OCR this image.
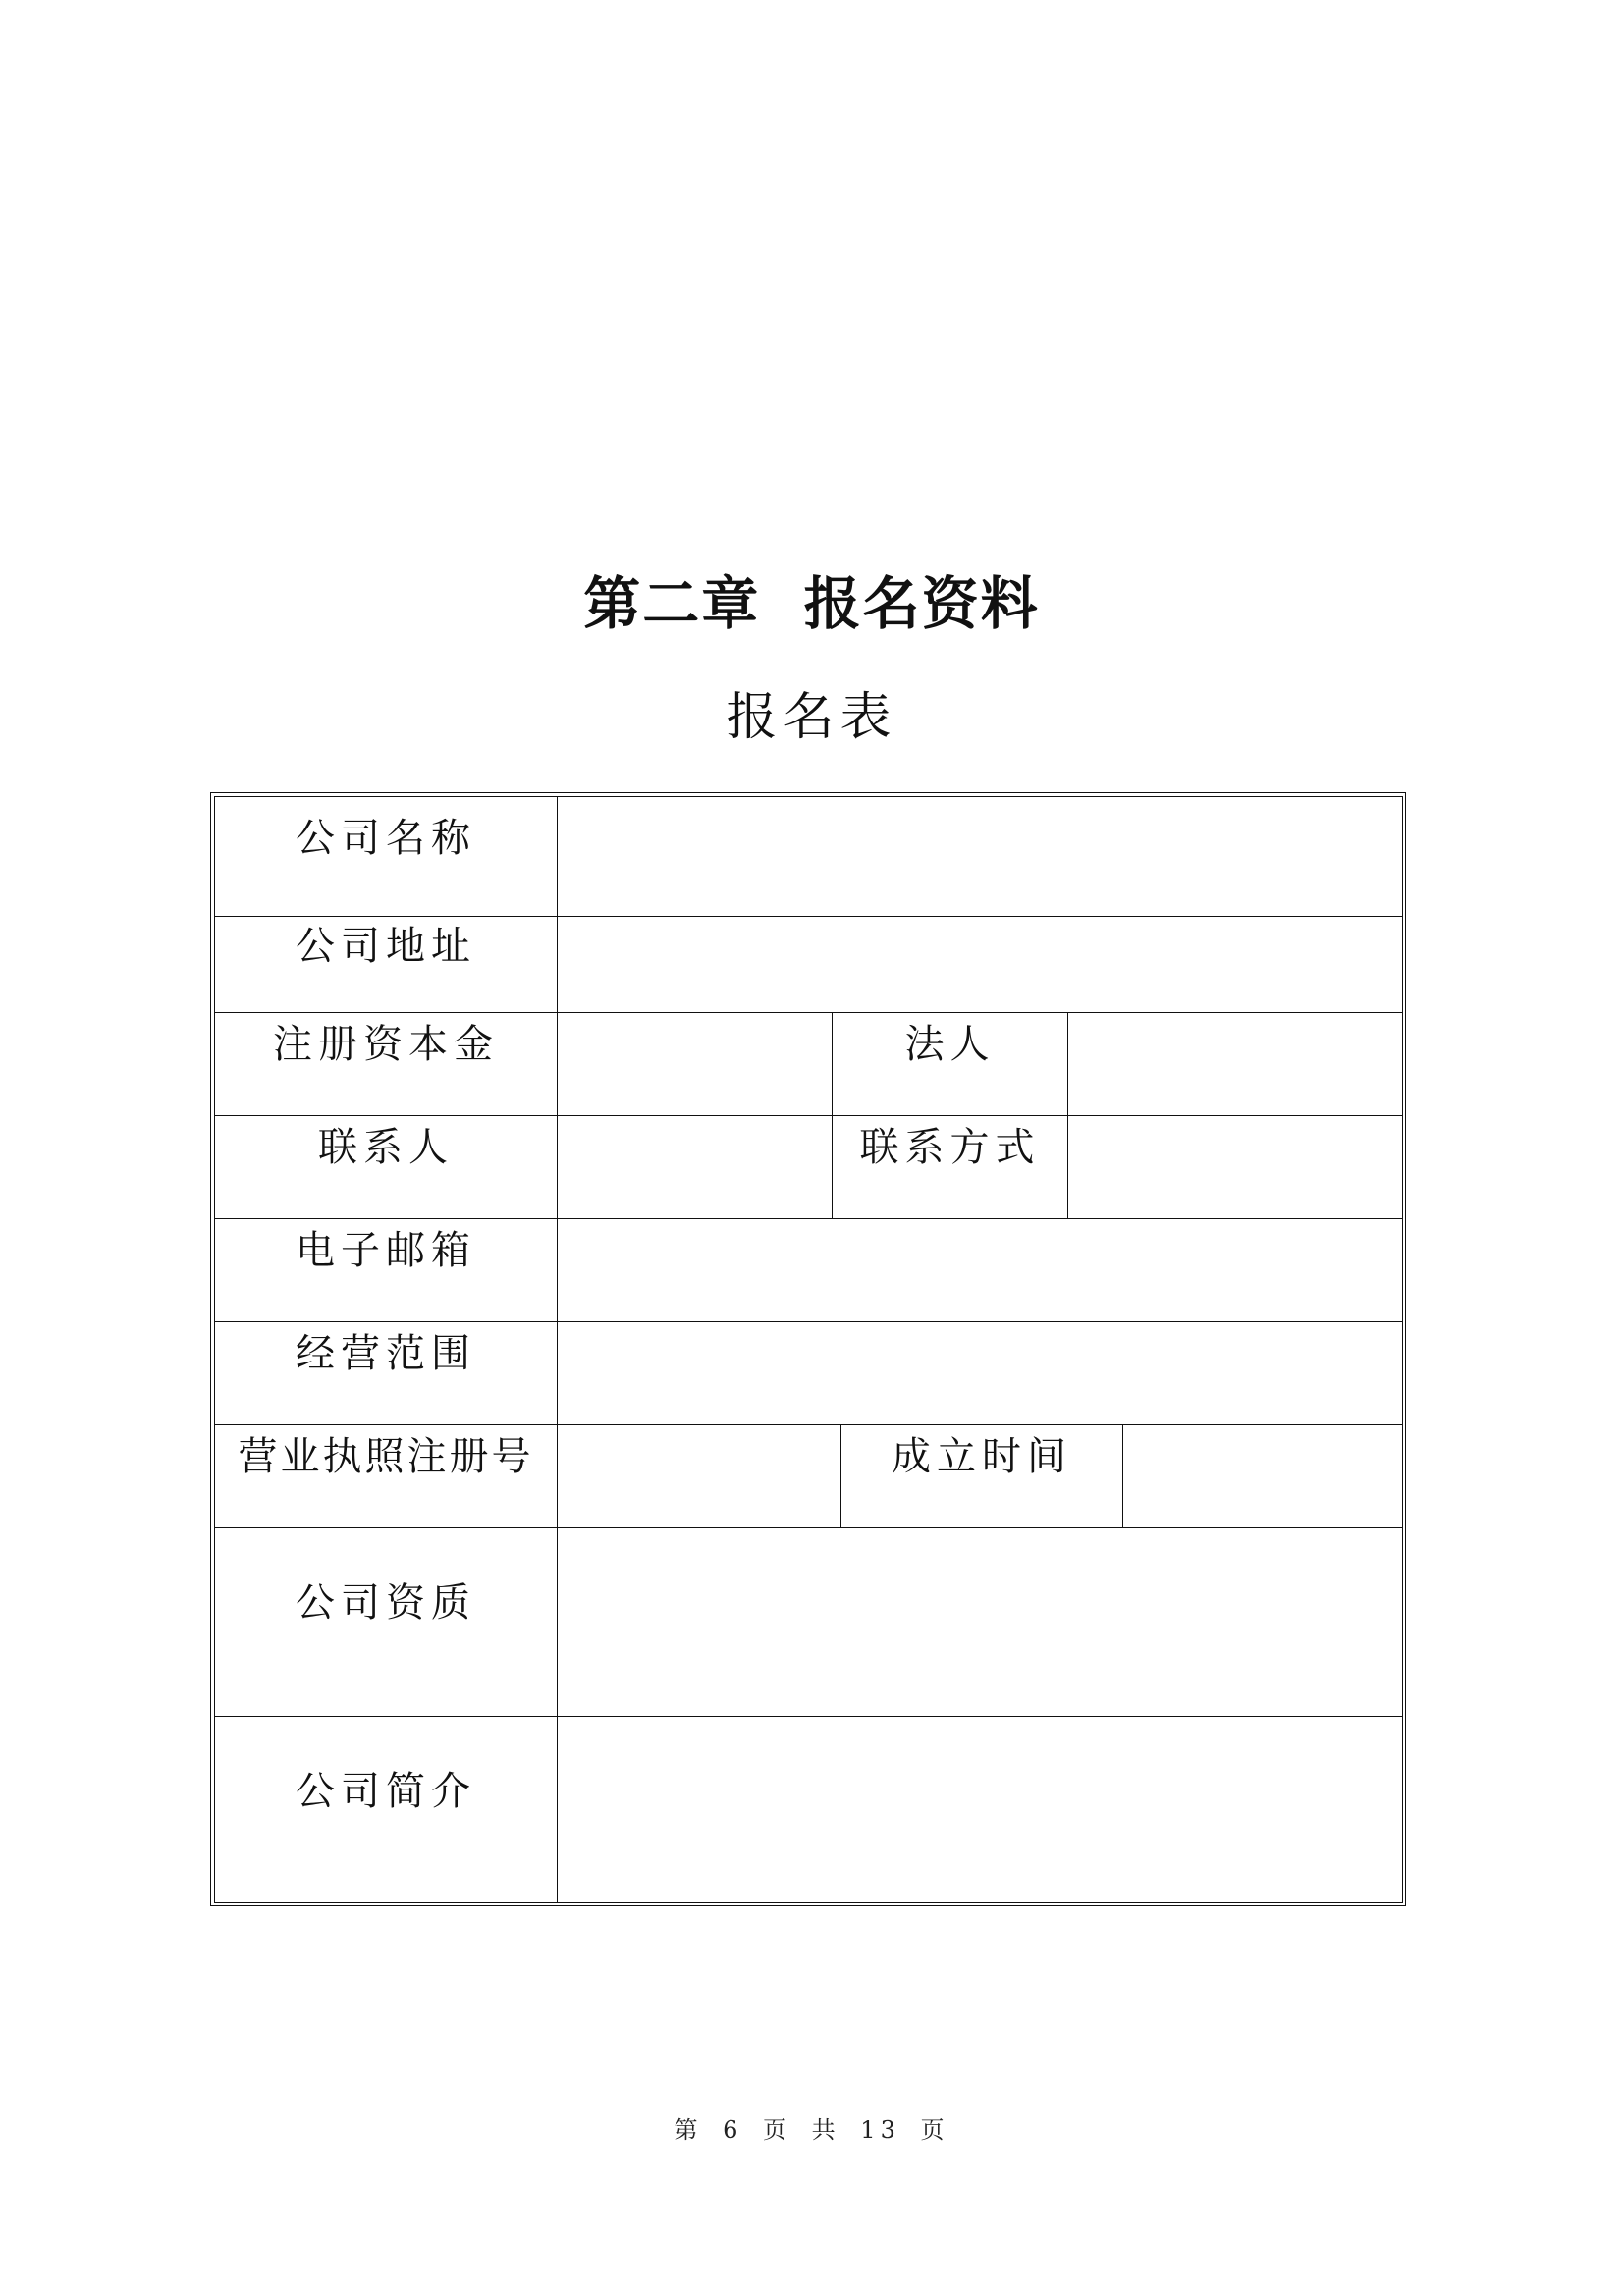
第二章  报名资料
报名表
公司名称					
公司地址					
注册资本金		法人			
联系人		联系方式			
电子邮箱					
经营范围					
营业执照注册号			成立时间		
公司资质					
公司简介					
第 6 页 共 13 页
